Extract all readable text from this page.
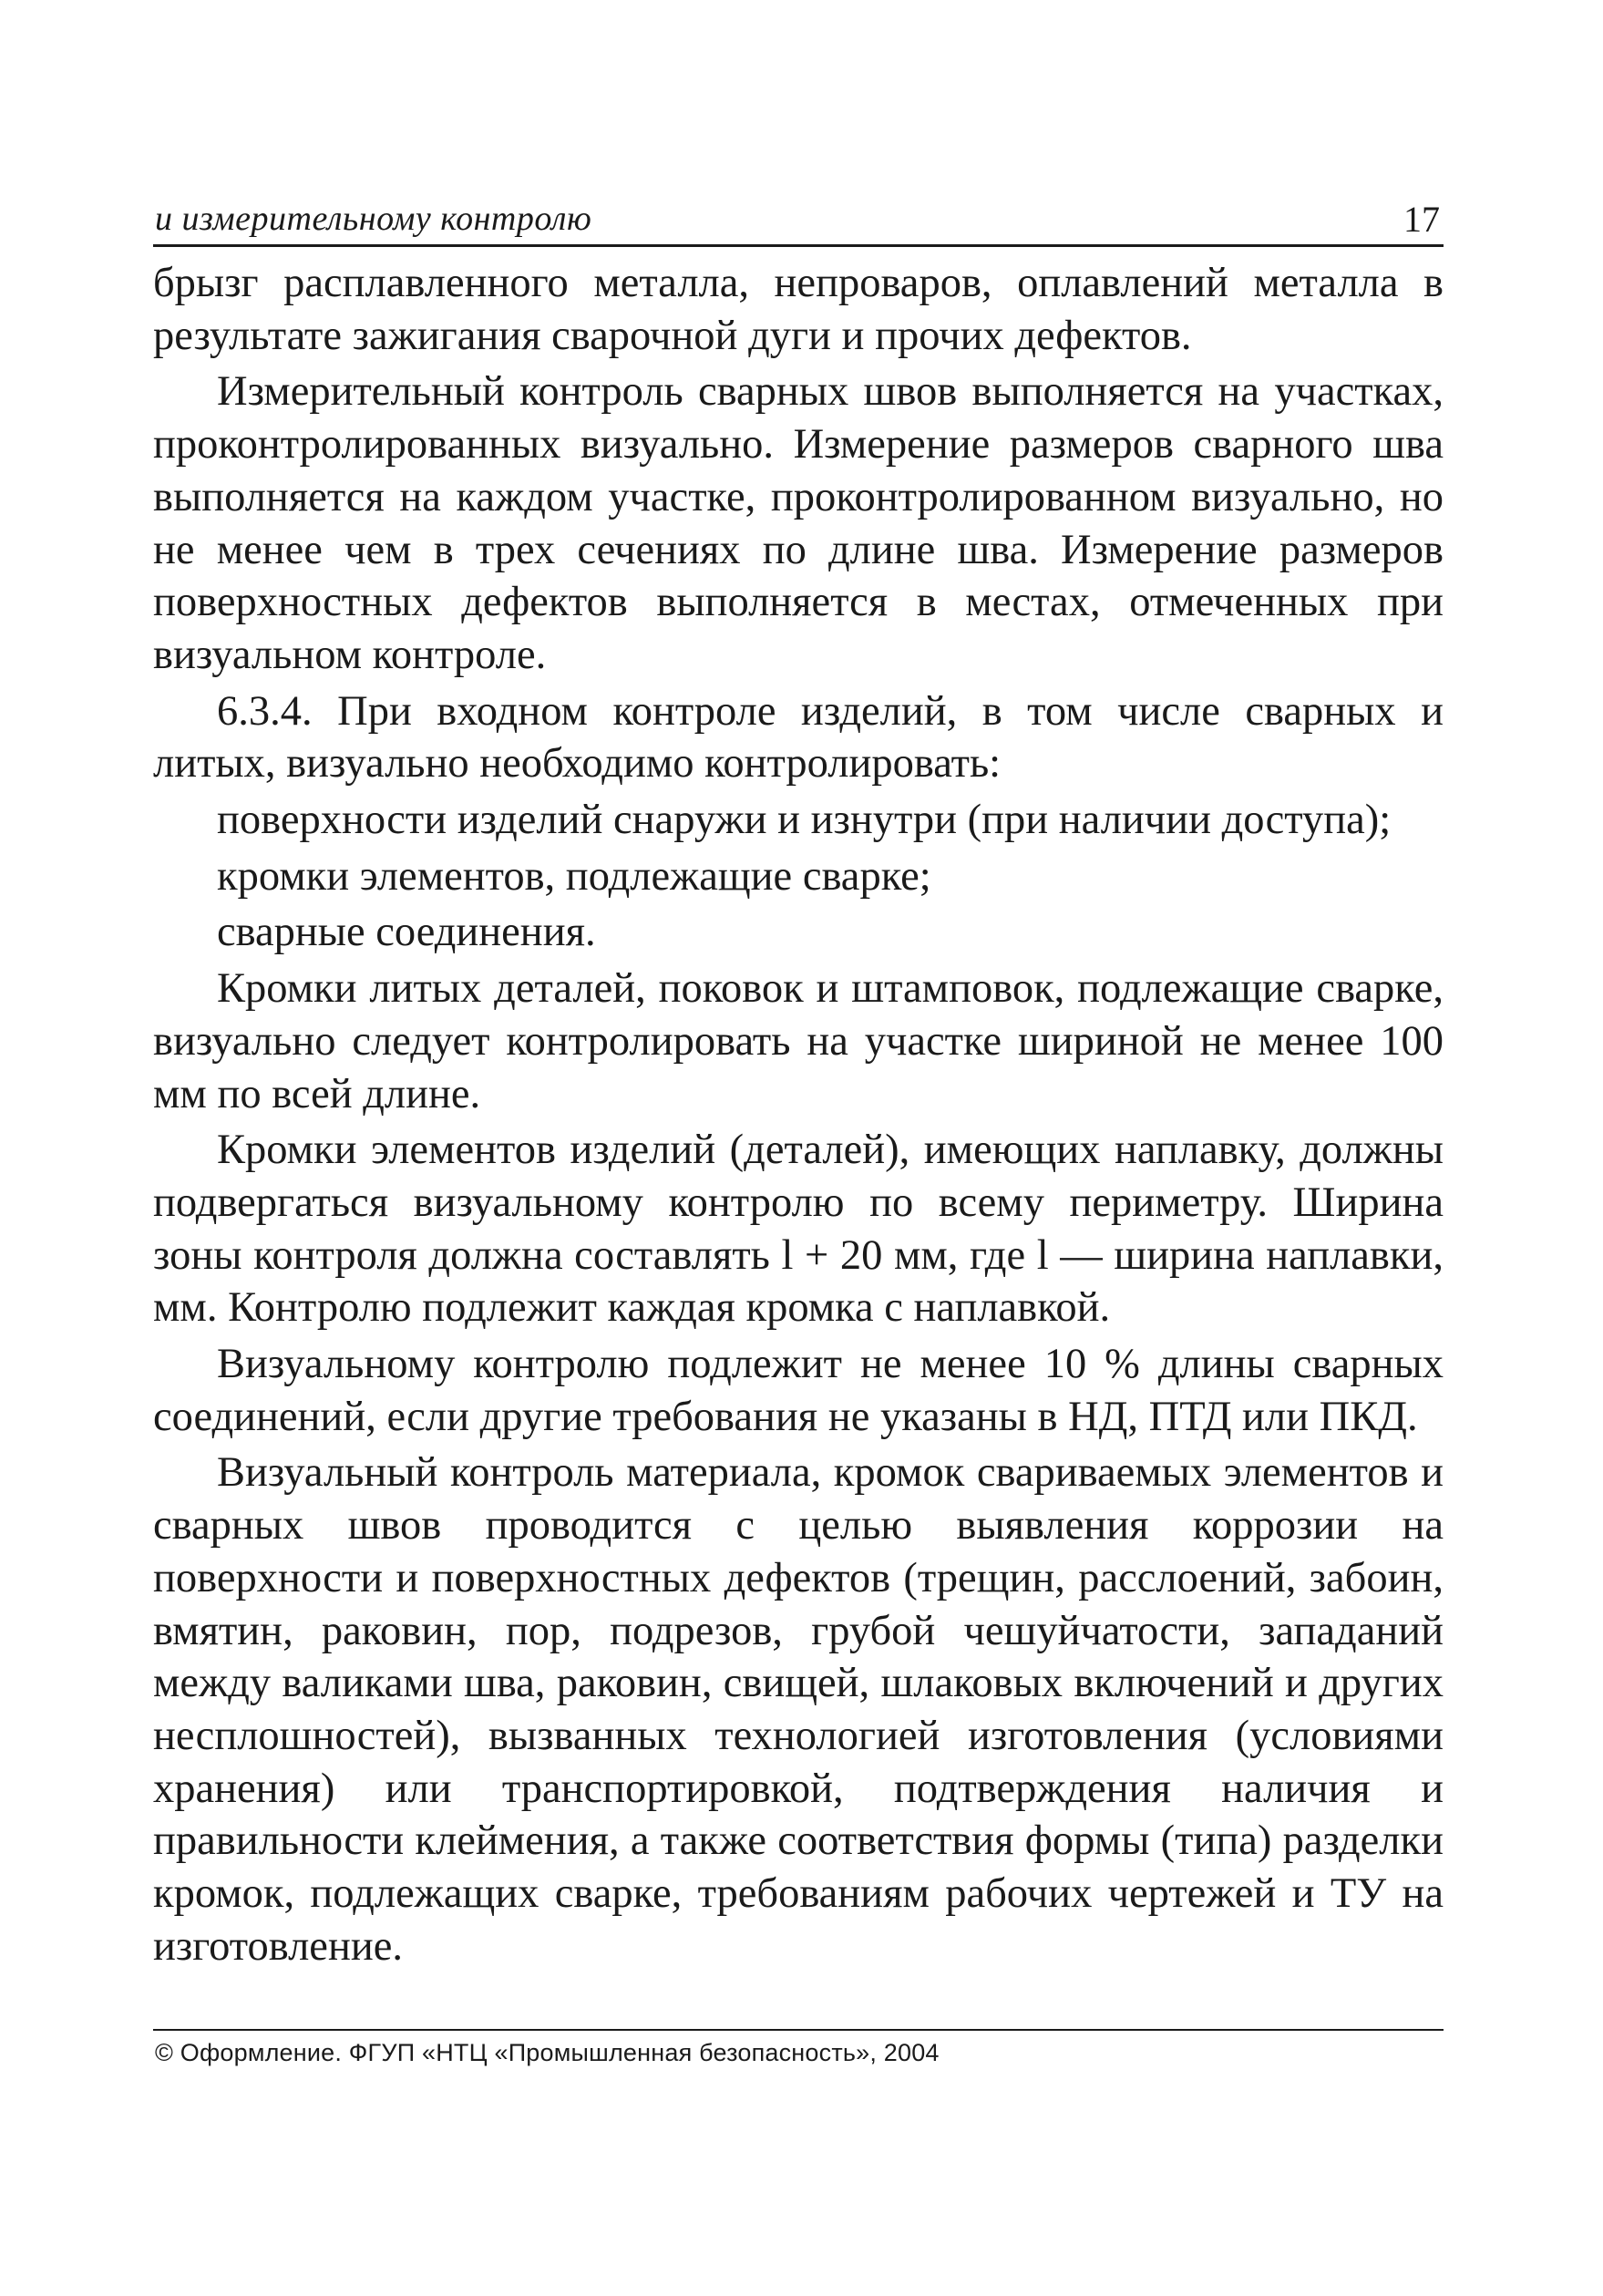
и измерительному контролю	17

брызг расплавленного металла, непроваров, оплавлений металла в результате зажигания сварочной дуги и прочих дефектов.

Измерительный контроль сварных швов выполняется на участках, проконтролированных визуально. Измерение размеров сварного шва выполняется на каждом участке, проконтролированном визуально, но не менее чем в трех сечениях по длине шва. Измерение размеров поверхностных дефектов выполняется в местах, отмеченных при визуальном контроле.

6.3.4. При входном контроле изделий, в том числе сварных и литых, визуально необходимо контролировать:

поверхности изделий снаружи и изнутри (при наличии доступа);

кромки элементов, подлежащие сварке;

сварные соединения.

Кромки литых деталей, поковок и штамповок, подлежащие сварке, визуально следует контролировать на участке шириной не менее 100 мм по всей длине.

Кромки элементов изделий (деталей), имеющих наплавку, должны подвергаться визуальному контролю по всему периметру. Ширина зоны контроля должна составлять l + 20 мм, где l — ширина наплавки, мм. Контролю подлежит каждая кромка с наплавкой.

Визуальному контролю подлежит не менее 10 % длины сварных соединений, если другие требования не указаны в НД, ПТД или ПКД.

Визуальный контроль материала, кромок свариваемых элементов и сварных швов проводится с целью выявления коррозии на поверхности и поверхностных дефектов (трещин, расслоений, забоин, вмятин, раковин, пор, подрезов, грубой чешуйчатости, западаний между валиками шва, раковин, свищей, шлаковых включений и других несплошностей), вызванных технологией изготовления (условиями хранения) или транспортировкой, подтверждения наличия и правильности клеймения, а также соответствия формы (типа) разделки кромок, подлежащих сварке, требованиям рабочих чертежей и ТУ на изготовление.

© Оформление. ФГУП «НТЦ «Промышленная безопасность», 2004
